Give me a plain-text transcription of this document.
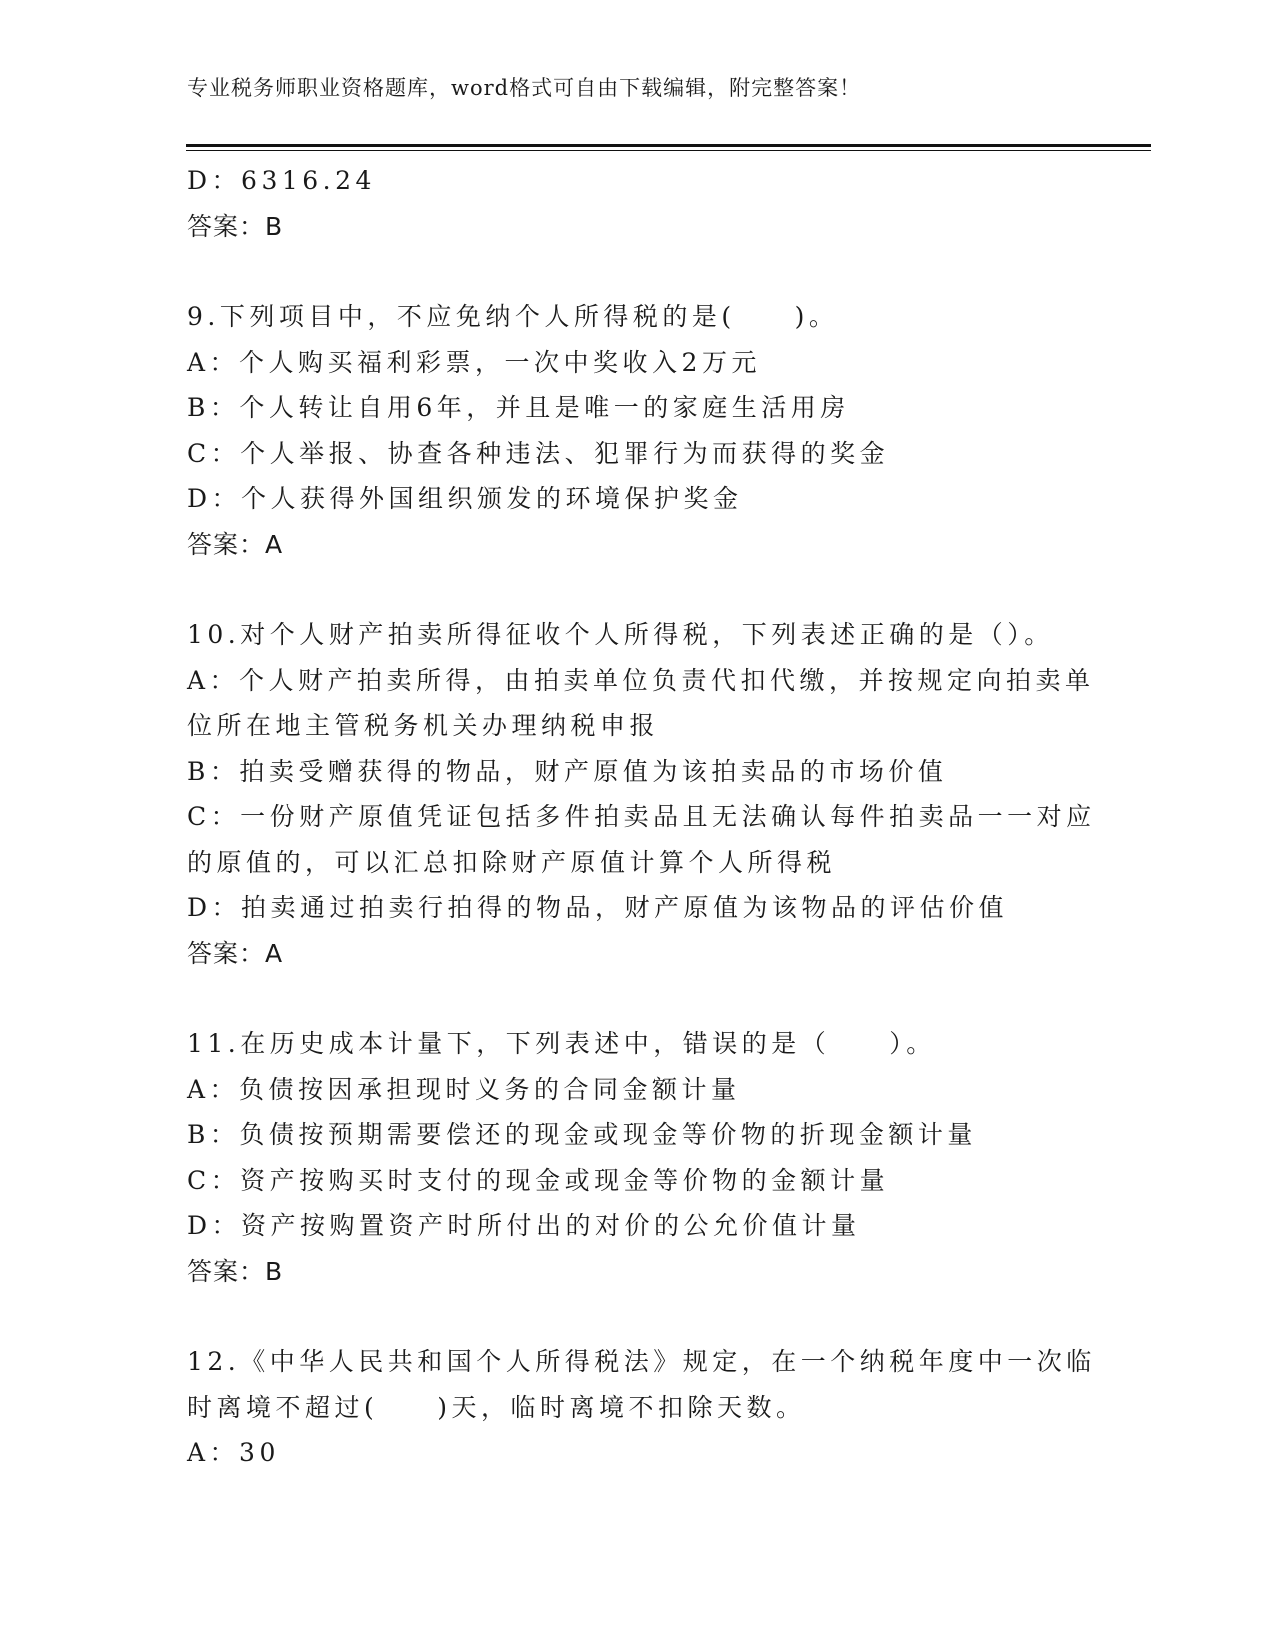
专业税务师职业资格题库，word格式可自由下载编辑，附完整答案！
D：6316.24
答案：B
9.下列项目中，不应免纳个人所得税的是(　　)。
A：个人购买福利彩票，一次中奖收入2万元
B：个人转让自用6年，并且是唯一的家庭生活用房
C：个人举报、协查各种违法、犯罪行为而获得的奖金
D：个人获得外国组织颁发的环境保护奖金
答案：A
10.对个人财产拍卖所得征收个人所得税，下列表述正确的是（）。
A：个人财产拍卖所得，由拍卖单位负责代扣代缴，并按规定向拍卖单
位所在地主管税务机关办理纳税申报
B：拍卖受赠获得的物品，财产原值为该拍卖品的市场价值
C：一份财产原值凭证包括多件拍卖品且无法确认每件拍卖品一一对应
的原值的，可以汇总扣除财产原值计算个人所得税
D：拍卖通过拍卖行拍得的物品，财产原值为该物品的评估价值
答案：A
11.在历史成本计量下，下列表述中，错误的是（　　）。
A：负债按因承担现时义务的合同金额计量
B：负债按预期需要偿还的现金或现金等价物的折现金额计量
C：资产按购买时支付的现金或现金等价物的金额计量
D：资产按购置资产时所付出的对价的公允价值计量
答案：B
12.《中华人民共和国个人所得税法》规定，在一个纳税年度中一次临
时离境不超过(　　)天，临时离境不扣除天数。
A：30
